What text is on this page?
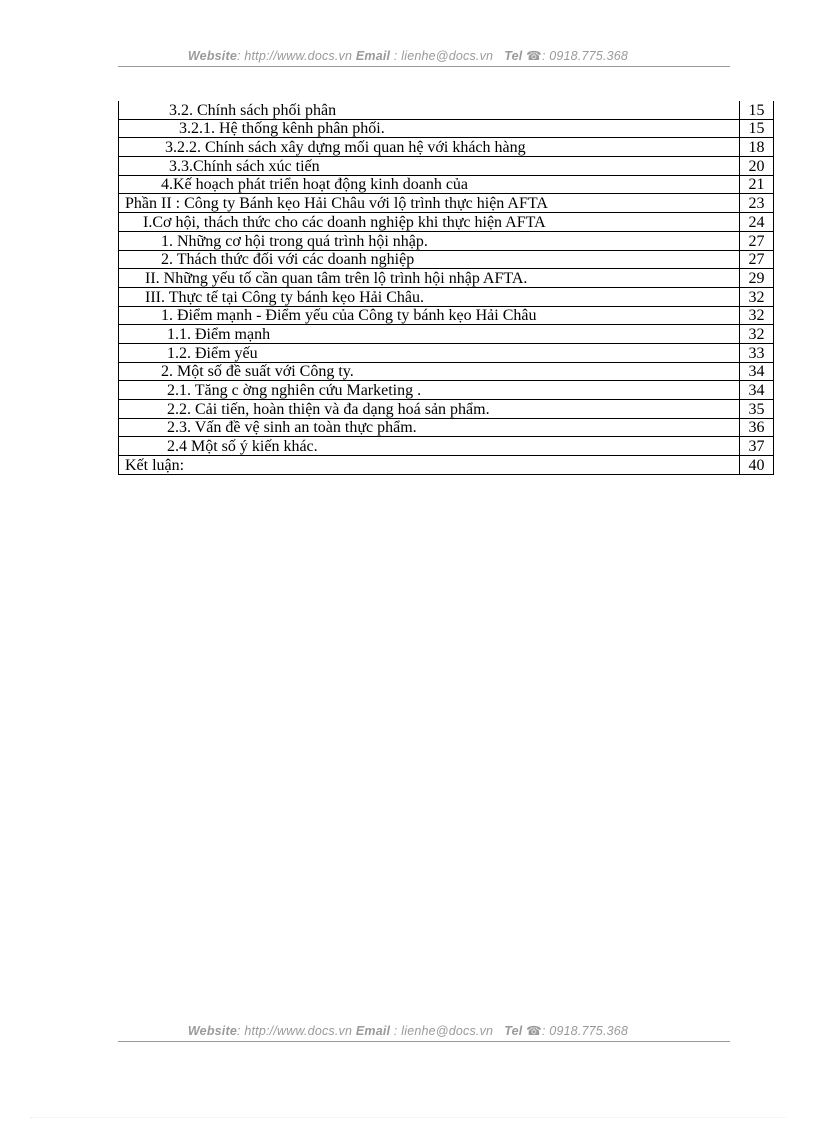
Website: http://www.docs.vn Email : lienhe@docs.vn Tel ☎: 0918.775.368
3.2. Chính sách phối phân	15
3.2.1. Hệ thống kênh phân phối.	15
3.2.2. Chính sách xây dựng mối quan hệ với khách hàng	18
3.3.Chính sách xúc tiến	20
4.Kế hoạch phát triển hoạt động kinh doanh của	21
Phần II : Công ty Bánh kẹo Hải Châu với lộ trình thực hiện AFTA	23
I.Cơ hội, thách thức cho các doanh nghiệp khi thực hiện AFTA	24
1. Những cơ hội trong quá trình hội nhập.	27
2. Thách thức đối với các doanh nghiệp	27
II. Những yếu tố cần quan tâm trên lộ trình hội nhập AFTA.	29
III. Thực tế tại Công ty bánh kẹo Hải Châu.	32
1. Điểm mạnh - Điểm yếu của Công ty bánh kẹo Hải Châu	32
1.1. Điểm mạnh	32
1.2. Điểm yếu	33
2. Một số đề suất với Công ty.	34
2.1. Tăng c ờng nghiên cứu Marketing .	34
2.2. Cải tiến, hoàn thiện và đa dạng hoá sản phẩm.	35
2.3. Vấn đề vệ sinh an toàn thực phẩm.	36
2.4 Một số ý kiến khác.	37
Kết luận:	40
Website: http://www.docs.vn Email : lienhe@docs.vn Tel ☎: 0918.775.368
